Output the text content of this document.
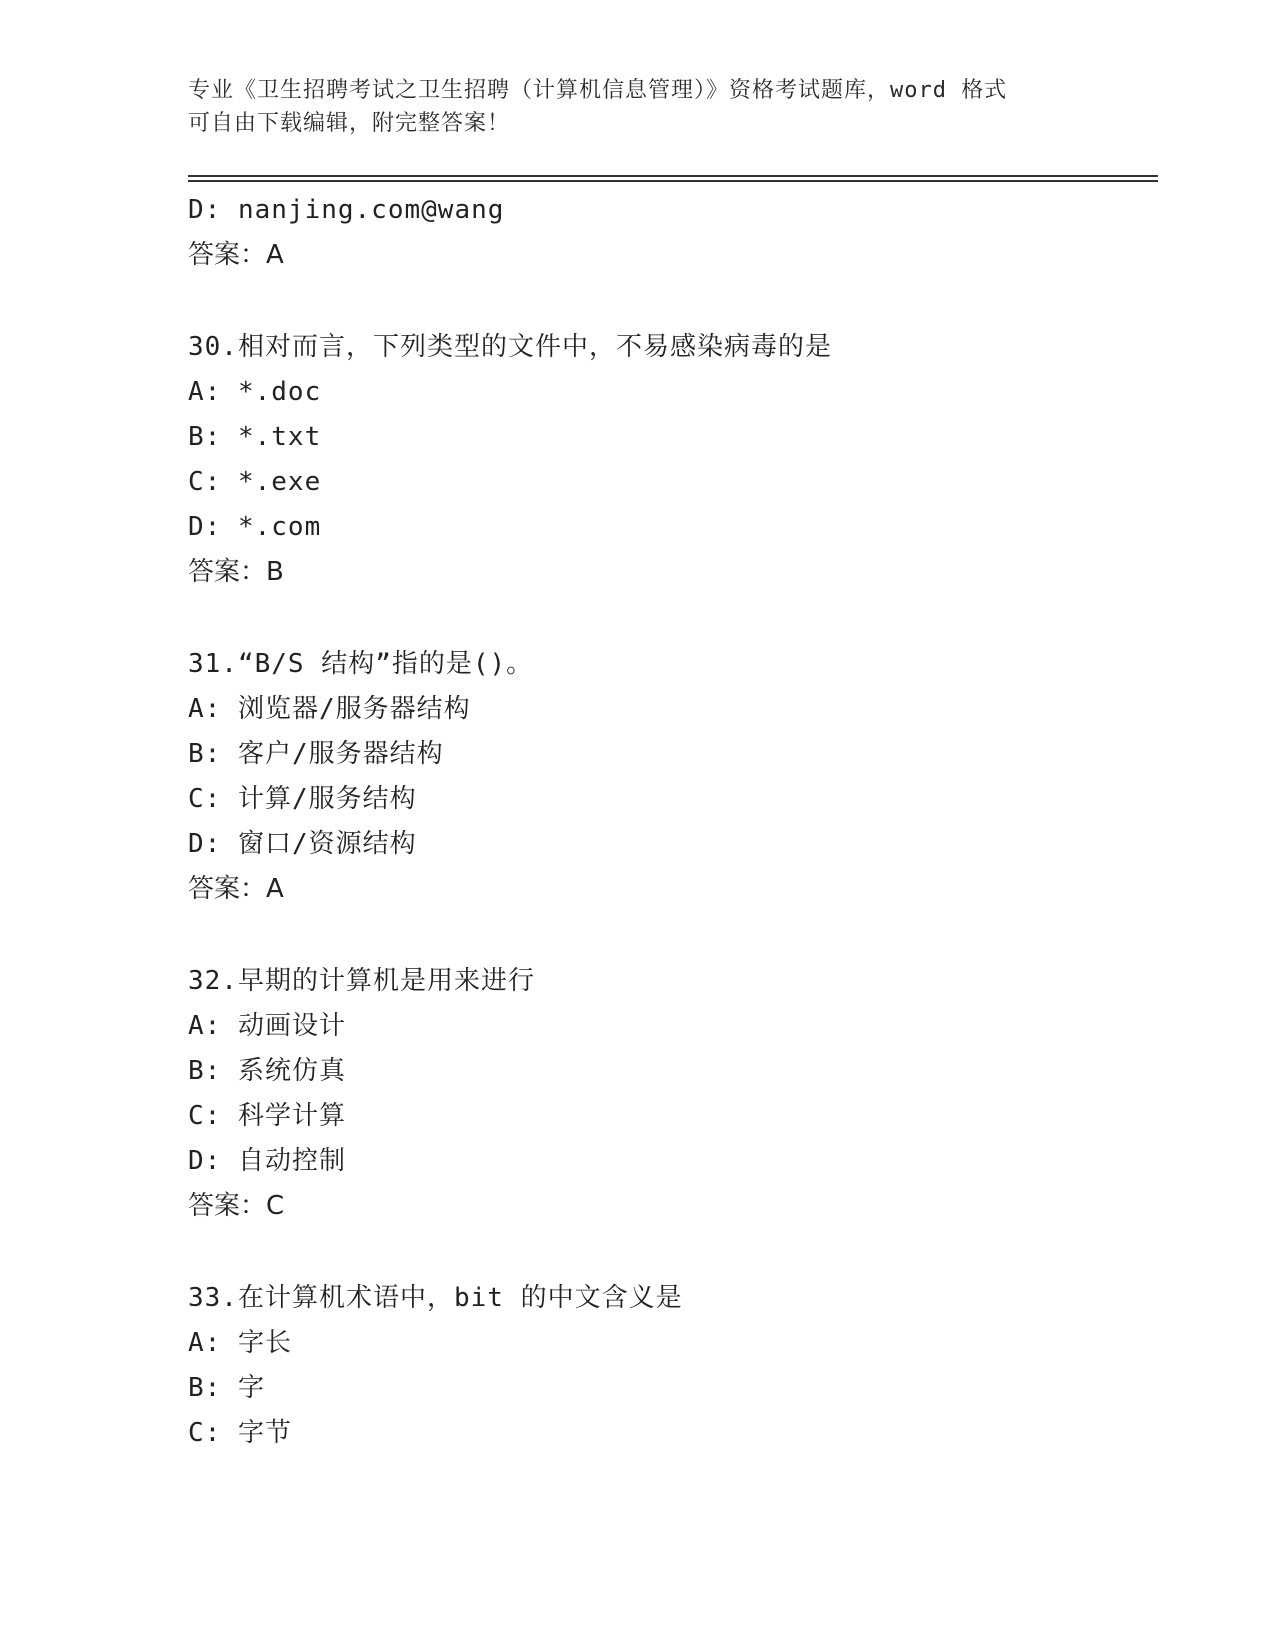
专业《卫生招聘考试之卫生招聘（计算机信息管理）》资格考试题库，word 格式
可自由下载编辑，附完整答案！
D: nanjing.com@wang
答案：A
30.相对而言，下列类型的文件中，不易感染病毒的是
A: *.doc
B: *.txt
C: *.exe
D: *.com
答案：B
31.“B/S 结构”指的是()。
A: 浏览器/服务器结构
B: 客户/服务器结构
C: 计算/服务结构
D: 窗口/资源结构
答案：A
32.早期的计算机是用来进行
A: 动画设计
B: 系统仿真
C: 科学计算
D: 自动控制
答案：C
33.在计算机术语中，bit 的中文含义是
A: 字长
B: 字
C: 字节
